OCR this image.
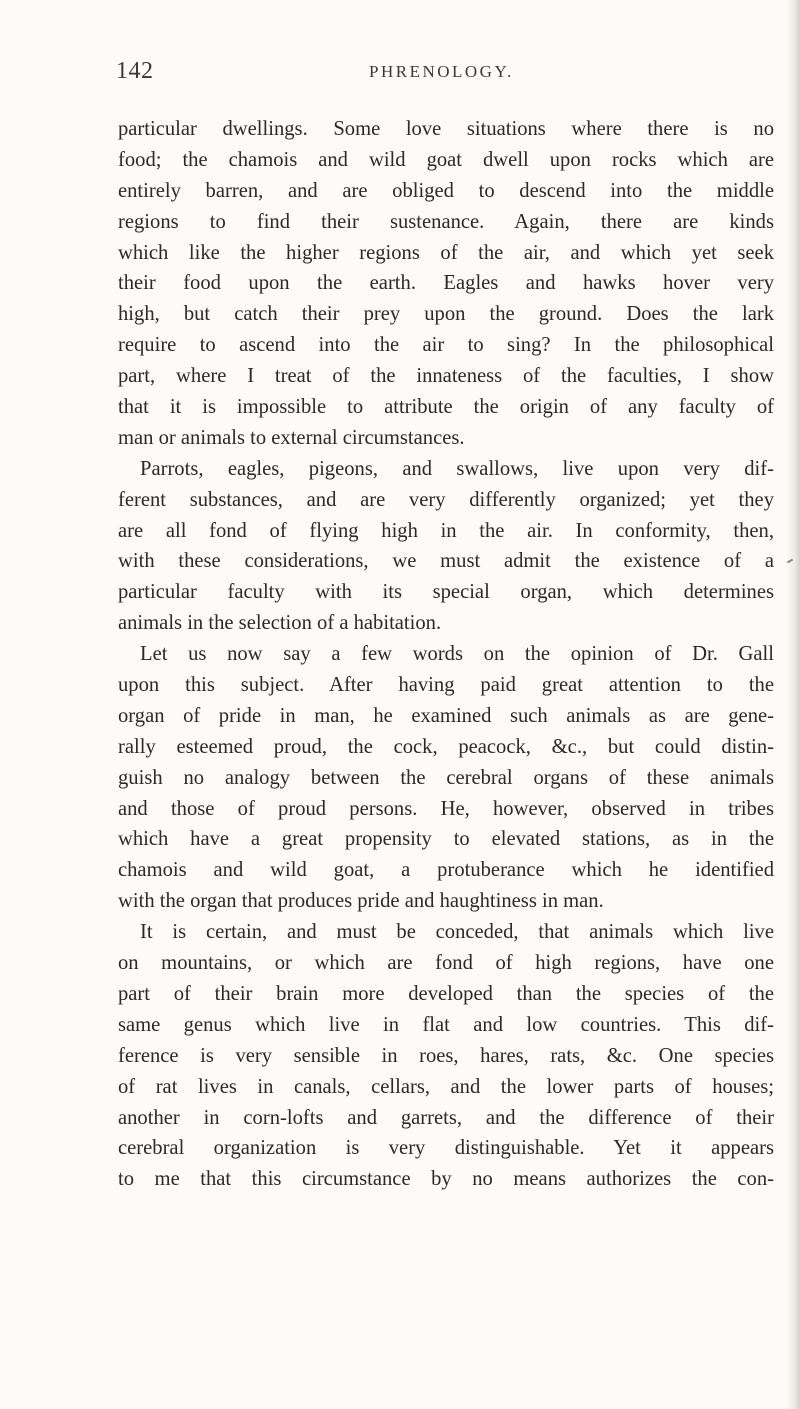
142	PHRENOLOGY.
particular dwellings. Some love situations where there is no
food; the chamois and wild goat dwell upon rocks which are
entirely barren, and are obliged to descend into the middle
regions to find their sustenance. Again, there are kinds
which like the higher regions of the air, and which yet seek
their food upon the earth. Eagles and hawks hover very
high, but catch their prey upon the ground. Does the lark
require to ascend into the air to sing? In the philosophical
part, where I treat of the innateness of the faculties, I show
that it is impossible to attribute the origin of any faculty of
man or animals to external circumstances.
Parrots, eagles, pigeons, and swallows, live upon very dif-
ferent substances, and are very differently organized; yet they
are all fond of flying high in the air. In conformity, then,
with these considerations, we must admit the existence of a
particular faculty with its special organ, which determines
animals in the selection of a habitation.
Let us now say a few words on the opinion of Dr. Gall
upon this subject. After having paid great attention to the
organ of pride in man, he examined such animals as are gene-
rally esteemed proud, the cock, peacock, &c., but could distin-
guish no analogy between the cerebral organs of these animals
and those of proud persons. He, however, observed in tribes
which have a great propensity to elevated stations, as in the
chamois and wild goat, a protuberance which he identified
with the organ that produces pride and haughtiness in man.
It is certain, and must be conceded, that animals which live
on mountains, or which are fond of high regions, have one
part of their brain more developed than the species of the
same genus which live in flat and low countries. This dif-
ference is very sensible in roes, hares, rats, &c. One species
of rat lives in canals, cellars, and the lower parts of houses;
another in corn-lofts and garrets, and the difference of their
cerebral organization is very distinguishable. Yet it appears
to me that this circumstance by no means authorizes the con-
